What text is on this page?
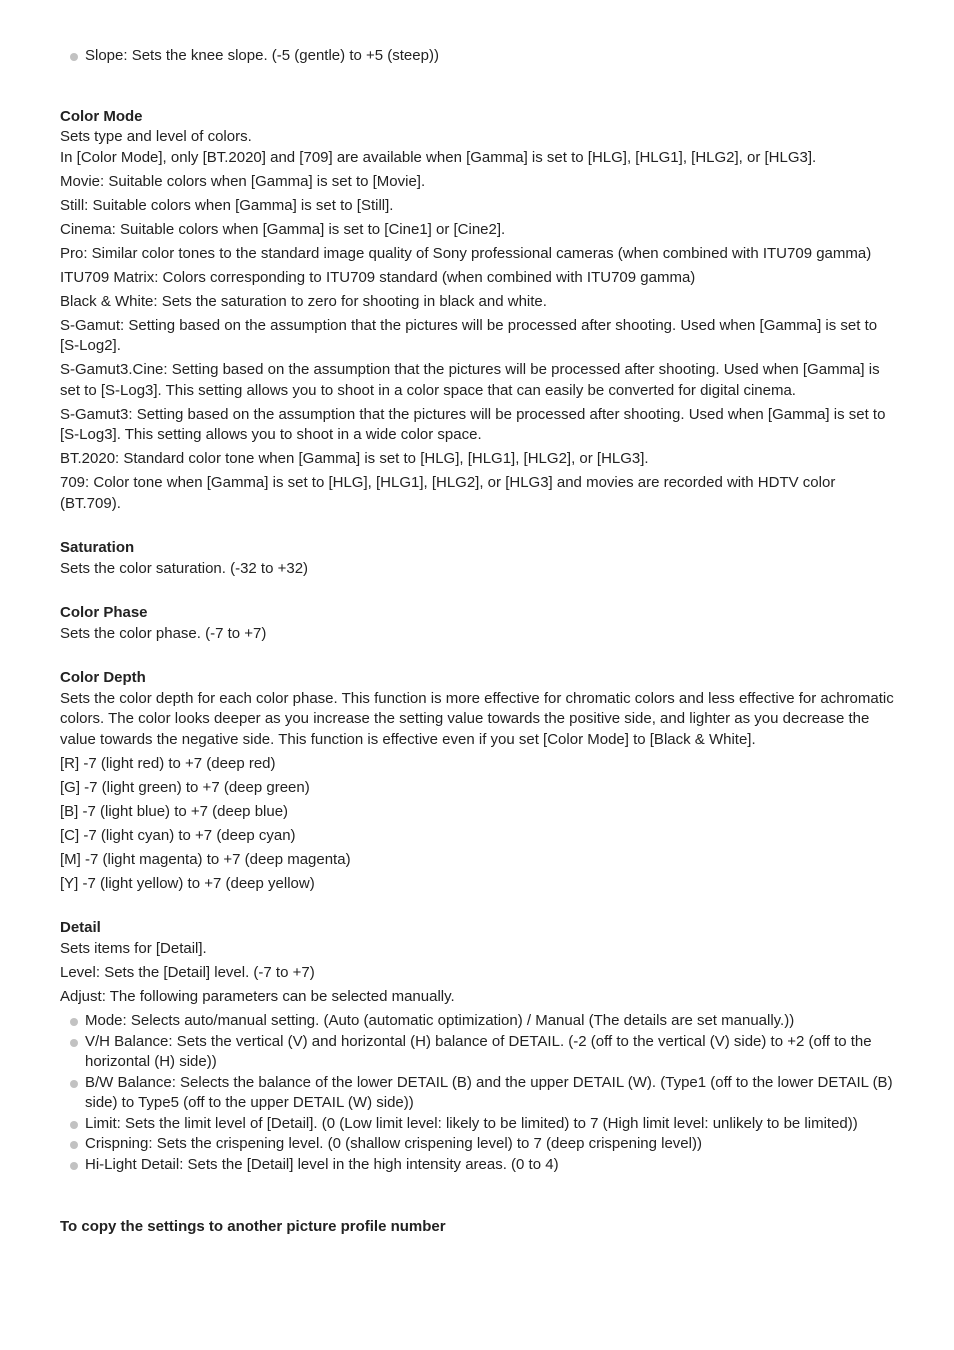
Slope: Sets the knee slope. (-5 (gentle) to +5 (steep))
Color Mode

Sets type and level of colors.

In [Color Mode], only [BT.2020] and [709] are available when [Gamma] is set to [HLG], [HLG1], [HLG2], or [HLG3].

Movie: Suitable colors when [Gamma] is set to [Movie].

Still: Suitable colors when [Gamma] is set to [Still].

Cinema: Suitable colors when [Gamma] is set to [Cine1] or [Cine2].

Pro: Similar color tones to the standard image quality of Sony professional cameras (when combined with ITU709 gamma)

ITU709 Matrix: Colors corresponding to ITU709 standard (when combined with ITU709 gamma)

Black & White: Sets the saturation to zero for shooting in black and white.

S-Gamut: Setting based on the assumption that the pictures will be processed after shooting. Used when [Gamma] is set to [S-Log2].

S-Gamut3.Cine: Setting based on the assumption that the pictures will be processed after shooting. Used when [Gamma] is set to [S-Log3]. This setting allows you to shoot in a color space that can easily be converted for digital cinema.

S-Gamut3: Setting based on the assumption that the pictures will be processed after shooting. Used when [Gamma] is set to [S-Log3]. This setting allows you to shoot in a wide color space.

BT.2020: Standard color tone when [Gamma] is set to [HLG], [HLG1], [HLG2], or [HLG3].

709: Color tone when [Gamma] is set to [HLG], [HLG1], [HLG2], or [HLG3] and movies are recorded with HDTV color (BT.709).

Saturation

Sets the color saturation. (-32 to +32)

Color Phase

Sets the color phase. (-7 to +7)

Color Depth

Sets the color depth for each color phase. This function is more effective for chromatic colors and less effective for achromatic colors. The color looks deeper as you increase the setting value towards the positive side, and lighter as you decrease the value towards the negative side. This function is effective even if you set [Color Mode] to [Black & White].

[R] -7 (light red) to +7 (deep red)

[G] -7 (light green) to +7 (deep green)

[B] -7 (light blue) to +7 (deep blue)

[C] -7 (light cyan) to +7 (deep cyan)

[M] -7 (light magenta) to +7 (deep magenta)

[Y] -7 (light yellow) to +7 (deep yellow)

Detail

Sets items for [Detail].

Level: Sets the [Detail] level. (-7 to +7)

Adjust: The following parameters can be selected manually.

Mode: Selects auto/manual setting. (Auto (automatic optimization) / Manual (The details are set manually.))
V/H Balance: Sets the vertical (V) and horizontal (H) balance of DETAIL. (-2 (off to the vertical (V) side) to +2 (off to the horizontal (H) side))
B/W Balance: Selects the balance of the lower DETAIL (B) and the upper DETAIL (W). (Type1 (off to the lower DETAIL (B) side) to Type5 (off to the upper DETAIL (W) side))
Limit: Sets the limit level of [Detail]. (0 (Low limit level: likely to be limited) to 7 (High limit level: unlikely to be limited))
Crispning: Sets the crispening level. (0 (shallow crispening level) to 7 (deep crispening level))
Hi-Light Detail: Sets the [Detail] level in the high intensity areas. (0 to 4)
To copy the settings to another picture profile number
